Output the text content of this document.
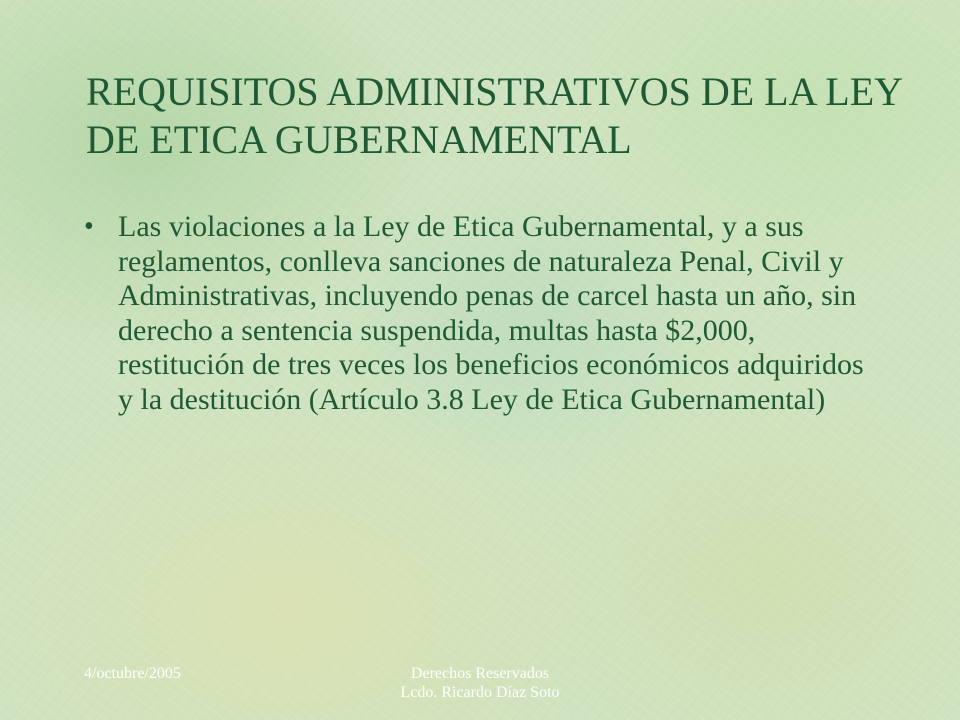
REQUISITOS ADMINISTRATIVOS DE LA LEY DE ETICA GUBERNAMENTAL
• Las violaciones a la Ley de Etica Gubernamental, y a sus reglamentos, conlleva sanciones de naturaleza Penal, Civil y Administrativas, incluyendo penas de carcel hasta un año, sin derecho a sentencia suspendida, multas hasta $2,000, restitución de tres veces los beneficios económicos adquiridos y la destitución (Artículo 3.8 Ley de Etica Gubernamental)
4/octubre/2005	Derechos Reservados
Lcdo. Ricardo Díaz Soto
